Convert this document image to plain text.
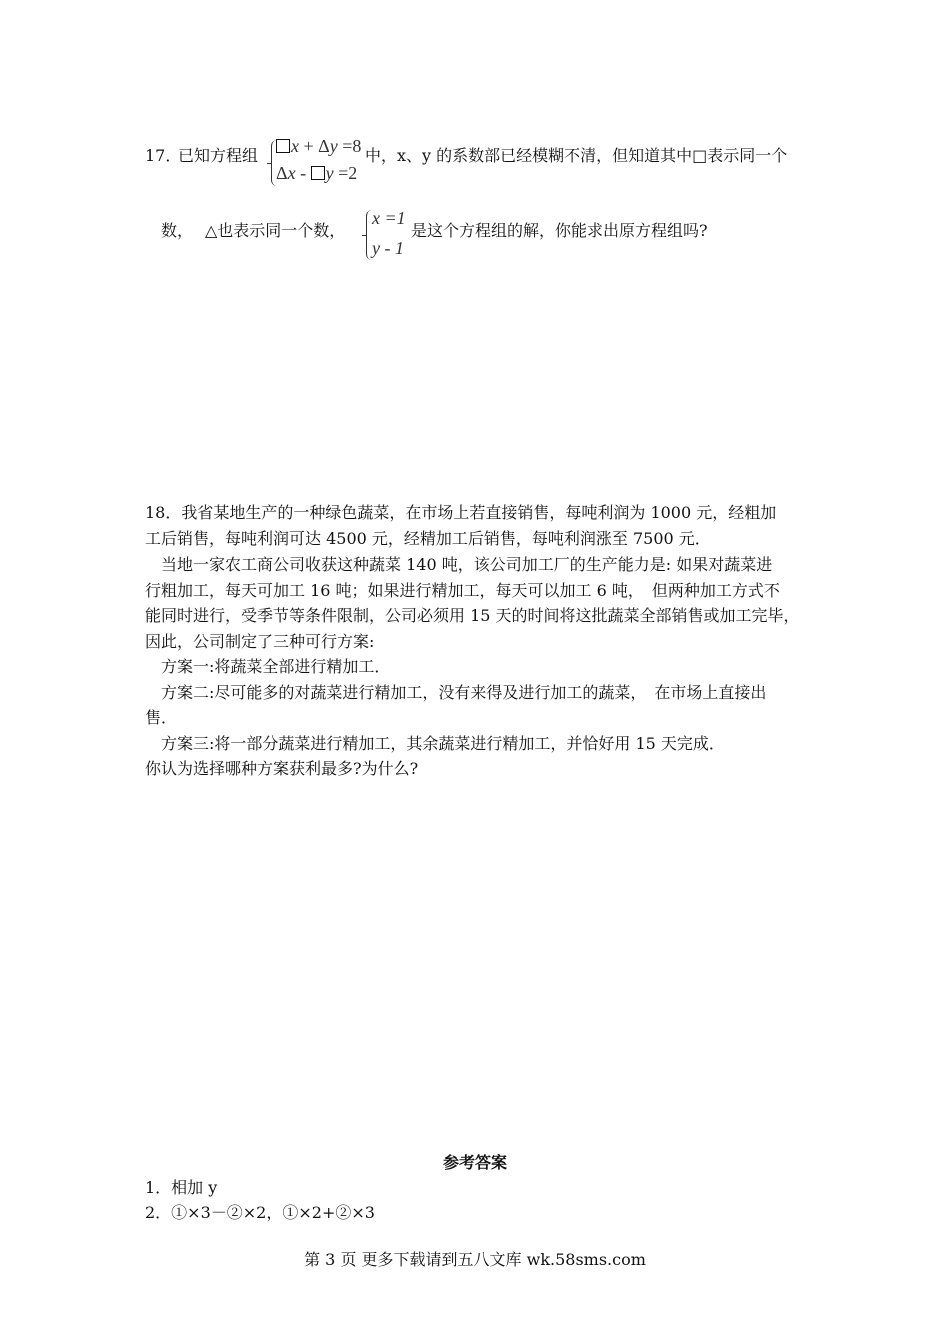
17．
已知方程组	x + Δy =8
Δx - y =2
中，x、y 的系数部已经模糊不清，但知道其中□表示同一个
数， △也表示同一个数，
x =1
y - 1
是这个方程组的解，你能求出原方程组吗?
18．我省某地生产的一种绿色蔬菜，在市场上若直接销售，每吨利润为 1000 元，经粗加
工后销售，每吨利润可达 4500 元，经精加工后销售，每吨利润涨至 7500 元．
当地一家农工商公司收获这种蔬菜 140 吨，该公司加工厂的生产能力是: 如果对蔬菜进
行粗加工，每天可加工 16 吨；如果进行精加工，每天可以加工 6 吨，　但两种加工方式不
能同时进行，受季节等条件限制，公司必须用 15 天的时间将这批蔬菜全部销售或加工完毕，
因此，公司制定了三种可行方案:
方案一:将蔬菜全部进行精加工．
方案二:尽可能多的对蔬菜进行精加工，没有来得及进行加工的蔬菜，　在市场上直接出
售．
方案三:将一部分蔬菜进行精加工，其余蔬菜进行精加工，并恰好用 15 天完成．
你认为选择哪种方案获利最多?为什么?
参考答案
1．相加 y
2．①×3－②×2，①×2+②×3
第 3 页 更多下载请到五八文库 wk.58sms.com
